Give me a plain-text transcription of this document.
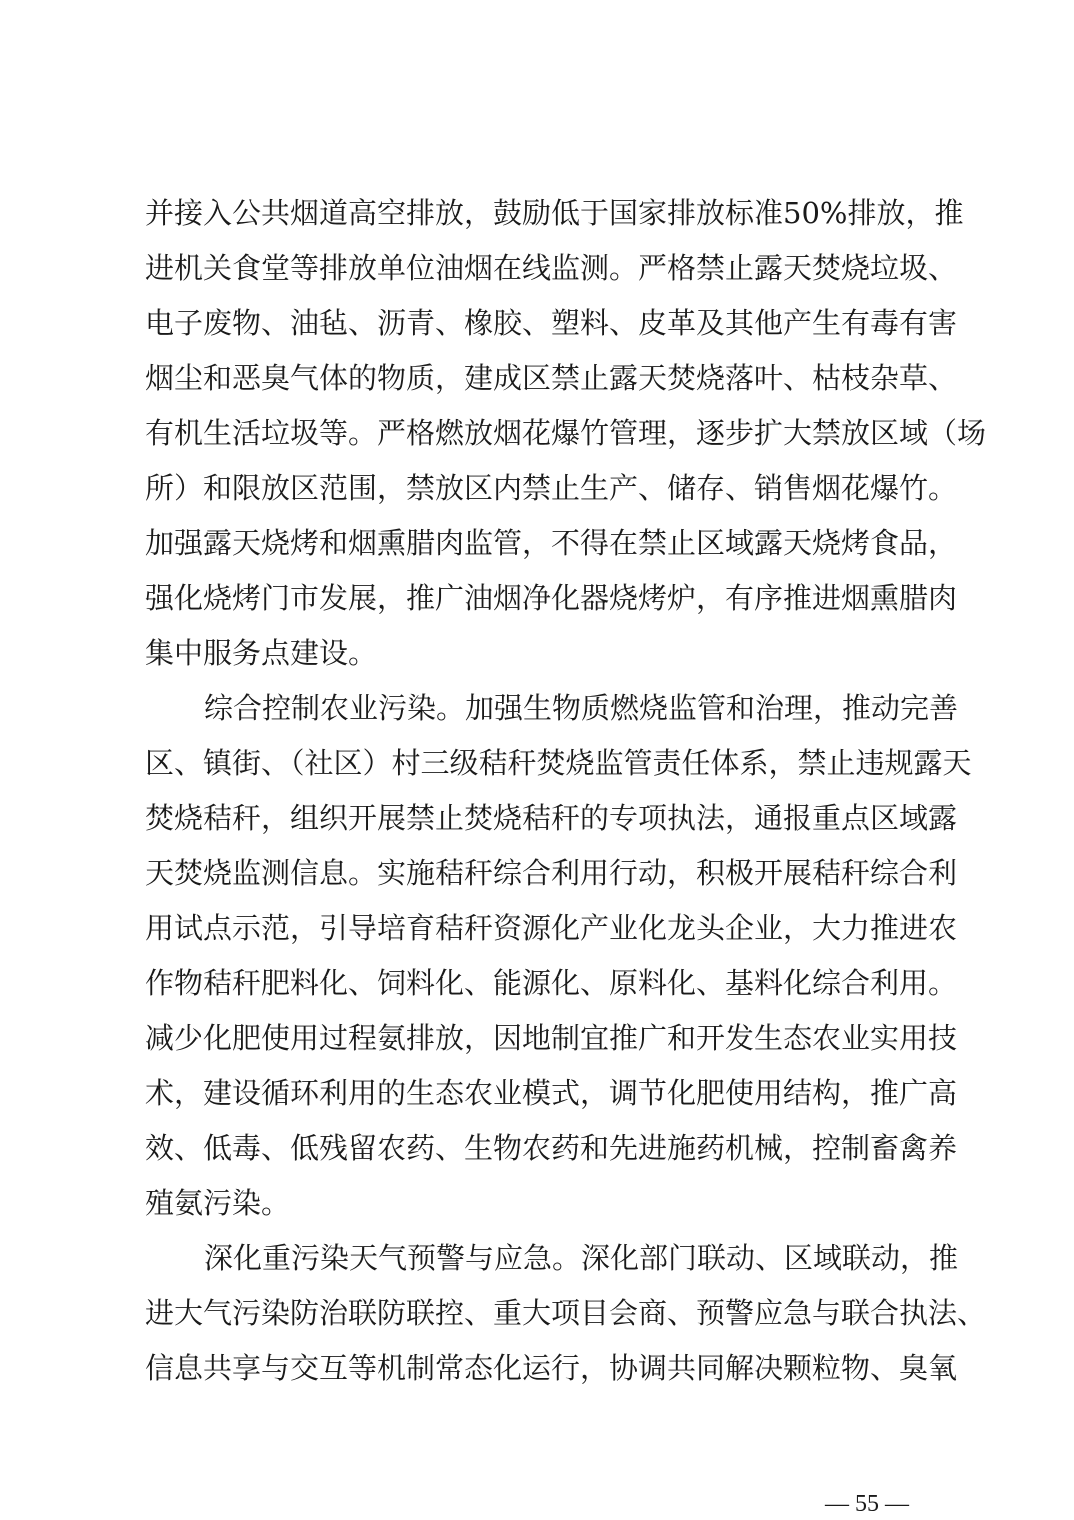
并接入公共烟道高空排放，鼓励低于国家排放标准50%排放，推
进机关食堂等排放单位油烟在线监测。严格禁止露天焚烧垃圾、
电子废物、油毡、沥青、橡胶、塑料、皮革及其他产生有毒有害
烟尘和恶臭气体的物质，建成区禁止露天焚烧落叶、枯枝杂草、
有机生活垃圾等。严格燃放烟花爆竹管理，逐步扩大禁放区域（场
所）和限放区范围，禁放区内禁止生产、储存、销售烟花爆竹。
加强露天烧烤和烟熏腊肉监管，不得在禁止区域露天烧烤食品，
强化烧烤门市发展，推广油烟净化器烧烤炉，有序推进烟熏腊肉
集中服务点建设。
综合控制农业污染。加强生物质燃烧监管和治理，推动完善
区、镇街、（社区）村三级秸秆焚烧监管责任体系，禁止违规露天
焚烧秸秆，组织开展禁止焚烧秸秆的专项执法，通报重点区域露
天焚烧监测信息。实施秸秆综合利用行动，积极开展秸秆综合利
用试点示范，引导培育秸秆资源化产业化龙头企业，大力推进农
作物秸秆肥料化、饲料化、能源化、原料化、基料化综合利用。
减少化肥使用过程氨排放，因地制宜推广和开发生态农业实用技
术，建设循环利用的生态农业模式，调节化肥使用结构，推广高
效、低毒、低残留农药、生物农药和先进施药机械，控制畜禽养
殖氨污染。
深化重污染天气预警与应急。深化部门联动、区域联动，推
进大气污染防治联防联控、重大项目会商、预警应急与联合执法、
信息共享与交互等机制常态化运行，协调共同解决颗粒物、臭氧
— 55 —
